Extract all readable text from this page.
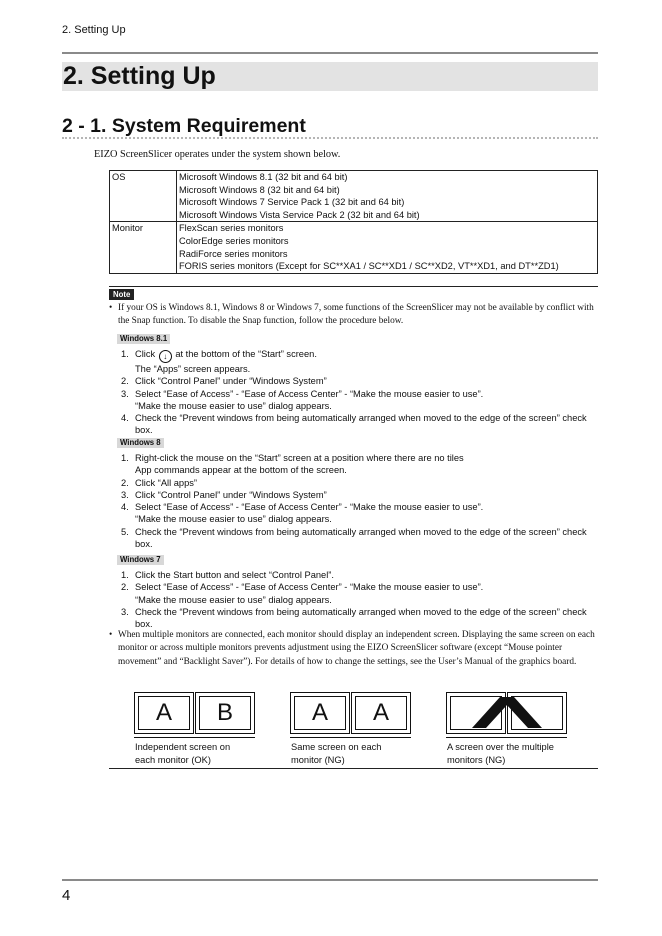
2. Setting Up
2. Setting Up
2 - 1. System Requirement
EIZO ScreenSlicer operates under the system shown below.
OS	Microsoft Windows 8.1 (32 bit and 64 bit)
Microsoft Windows 8 (32 bit and 64 bit)
Microsoft Windows 7 Service Pack 1 (32 bit and 64 bit)
Microsoft Windows Vista Service Pack 2 (32 bit and 64 bit)

Monitor	FlexScan series monitors
ColorEdge series monitors
RadiForce series monitors
FORIS series monitors (Except for SC**XA1 / SC**XD1 / SC**XD2, VT**XD1, and DT**ZD1)
Note
• If your OS is Windows 8.1, Windows 8 or Windows 7, some functions of the ScreenSlicer may not be available by conflict with the Snap function. To disable the Snap function, follow the procedure below.
Windows 8.1
1. Click ↓ at the bottom of the “Start” screen.
The “Apps” screen appears.
2. Click “Control Panel” under “Windows System”
3. Select “Ease of Access” - “Ease of Access Center” - “Make the mouse easier to use”.
“Make the mouse easier to use” dialog appears.
4. Check the “Prevent windows from being automatically arranged when moved to the edge of the screen” check box.
Windows 8
1. Right-click the mouse on the “Start” screen at a position where there are no tiles
App commands appear at the bottom of the screen.
2. Click “All apps”
3. Click “Control Panel” under “Windows System”
4. Select “Ease of Access” - “Ease of Access Center” - “Make the mouse easier to use”.
“Make the mouse easier to use” dialog appears.
5. Check the “Prevent windows from being automatically arranged when moved to the edge of the screen” check box.
Windows 7
1. Click the Start button and select “Control Panel”.
2. Select “Ease of Access” - “Ease of Access Center” - “Make the mouse easier to use”.
“Make the mouse easier to use” dialog appears.
3. Check the “Prevent windows from being automatically arranged when moved to the edge of the screen” check box.
• When multiple monitors are connected, each monitor should display an independent screen. Displaying the same screen on each monitor or across multiple monitors prevents adjustment using the EIZO ScreenSlicer software (except “Mouse pointer movement” and “Backlight Saver”). For details of how to change the settings, see the User’s Manual of the graphics board.
A B
Independent screen on
each monitor (OK)
A A
Same screen on each
monitor (NG)
A screen over the multiple
monitors (NG)
4
